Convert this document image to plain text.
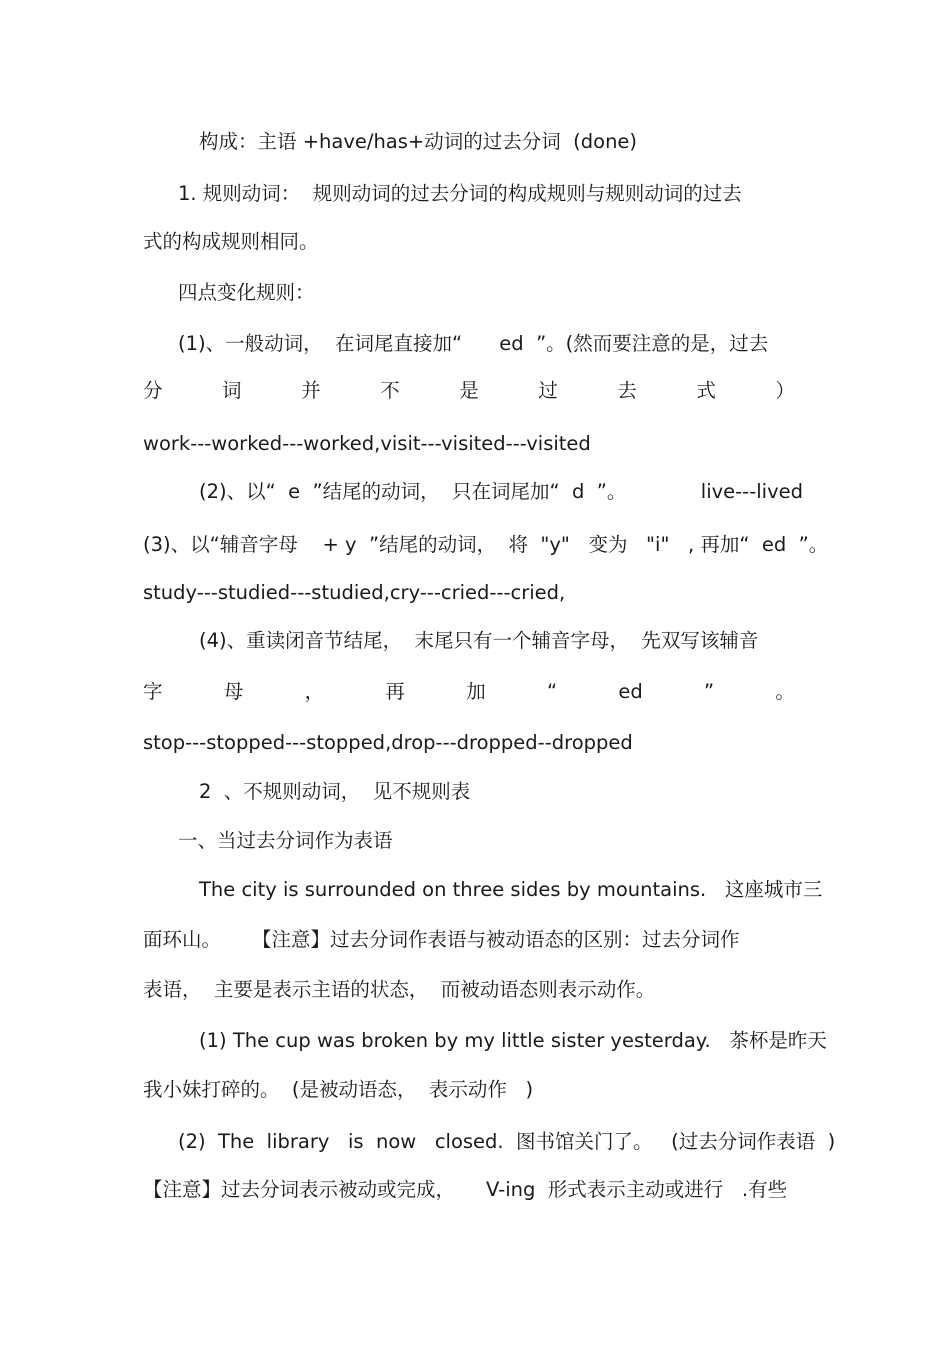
构成：主语 +have/has+动词的过去分词  (done)
1. 规则动词：  规则动词的过去分词的构成规则与规则动词的过去
式的构成规则相同。
四点变化规则：
(1)、一般动词，  在词尾直接加“      ed  ”。(然而要注意的是，过去
分	词	并	不	是	过	去	式	）
work---worked---worked,visit---visited---visited
(2)、以“  e  ”结尾的动词，  只在词尾加“  d  ”。            live---lived
(3)、以“辅音字母    + y  ”结尾的动词，  将  "y"   变为   "i"   , 再加“  ed  ”。
study---studied---studied,cry---cried---cried,
(4)、重读闭音节结尾，  末尾只有一个辅音字母，  先双写该辅音
字	母	，	再	加	“	ed	”	。
stop---stopped---stopped,drop---dropped--dropped
2  、不规则动词，  见不规则表
一、当过去分词作为表语
The city is surrounded on three sides by mountains.   这座城市三
面环山。     【注意】过去分词作表语与被动语态的区别：过去分词作
表语，  主要是表示主语的状态，  而被动语态则表示动作。
(1) The cup was broken by my little sister yesterday.   茶杯是昨天
我小妹打碎的。  (是被动语态，  表示动作   )
(2)  The  library   is  now   closed.  图书馆关门了。   (过去分词作表语  )
【注意】过去分词表示被动或完成，     V-ing  形式表示主动或进行   .有些
